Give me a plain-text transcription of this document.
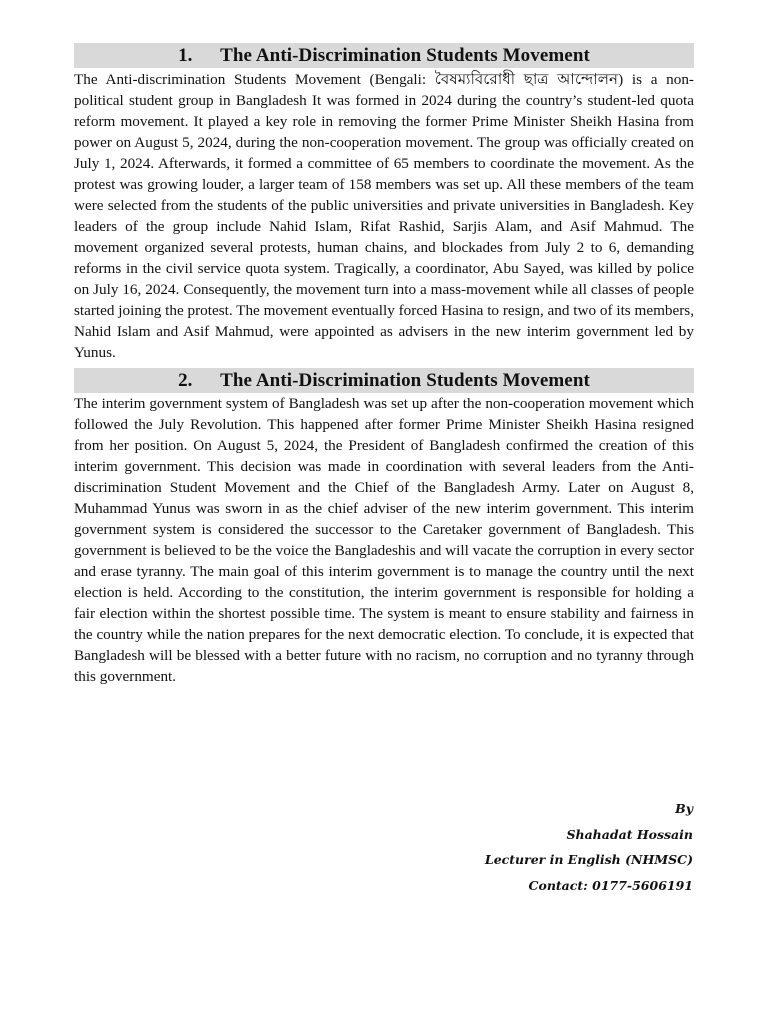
1.	The Anti-Discrimination Students Movement

The Anti-discrimination Students Movement (Bengali: বৈষম্যবিরোধী ছাত্র আন্দোলন) is a non-political student group in Bangladesh It was formed in 2024 during the country’s student-led quota reform movement. It played a key role in removing the former Prime Minister Sheikh Hasina from power on August 5, 2024, during the non-cooperation movement. The group was officially created on July 1, 2024. Afterwards, it formed a committee of 65 members to coordinate the movement. As the protest was growing louder, a larger team of 158 members was set up. All these members of the team were selected from the students of the public universities and private universities in Bangladesh. Key leaders of the group include Nahid Islam, Rifat Rashid, Sarjis Alam, and Asif Mahmud. The movement organized several protests, human chains, and blockades from July 2 to 6, demanding reforms in the civil service quota system. Tragically, a coordinator, Abu Sayed, was killed by police on July 16, 2024. Consequently, the movement turn into a mass-movement while all classes of people started joining the protest. The movement eventually forced Hasina to resign, and two of its members, Nahid Islam and Asif Mahmud, were appointed as advisers in the new interim government led by Yunus.

2.	The Anti-Discrimination Students Movement

The interim government system of Bangladesh was set up after the non-cooperation movement which followed the July Revolution. This happened after former Prime Minister Sheikh Hasina resigned from her position. On August 5, 2024, the President of Bangladesh confirmed the creation of this interim government. This decision was made in coordination with several leaders from the Anti-discrimination Student Movement and the Chief of the Bangladesh Army. Later on August 8, Muhammad Yunus was sworn in as the chief adviser of the new interim government. This interim government system is considered the successor to the Caretaker government of Bangladesh. This government is believed to be the voice the Bangladeshis and will vacate the corruption in every sector and erase tyranny. The main goal of this interim government is to manage the country until the next election is held. According to the constitution, the interim government is responsible for holding a fair election within the shortest possible time. The system is meant to ensure stability and fairness in the country while the nation prepares for the next democratic election. To conclude, it is expected that Bangladesh will be blessed with a better future with no racism, no corruption and no tyranny through this government.

By
Shahadat Hossain
Lecturer in English (NHMSC)
Contact: 0177-5606191
